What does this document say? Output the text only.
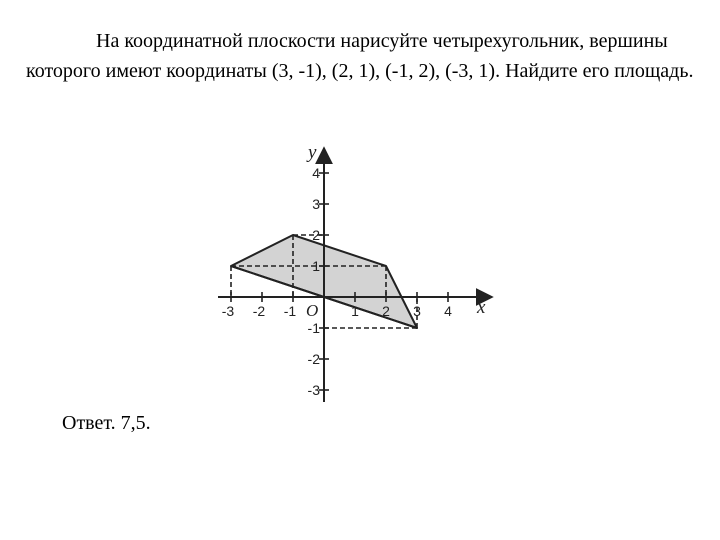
На координатной плоскости нарисуйте четырехугольник, вершины которого имеют координаты (3, -1), (2, 1), (-1, 2), (-3, 1). Найдите его площадь.

-3 -2 -1	1 2 3 4
4
3
2
1
-1
-2
-3
x
y
O

Ответ. 7,5.
